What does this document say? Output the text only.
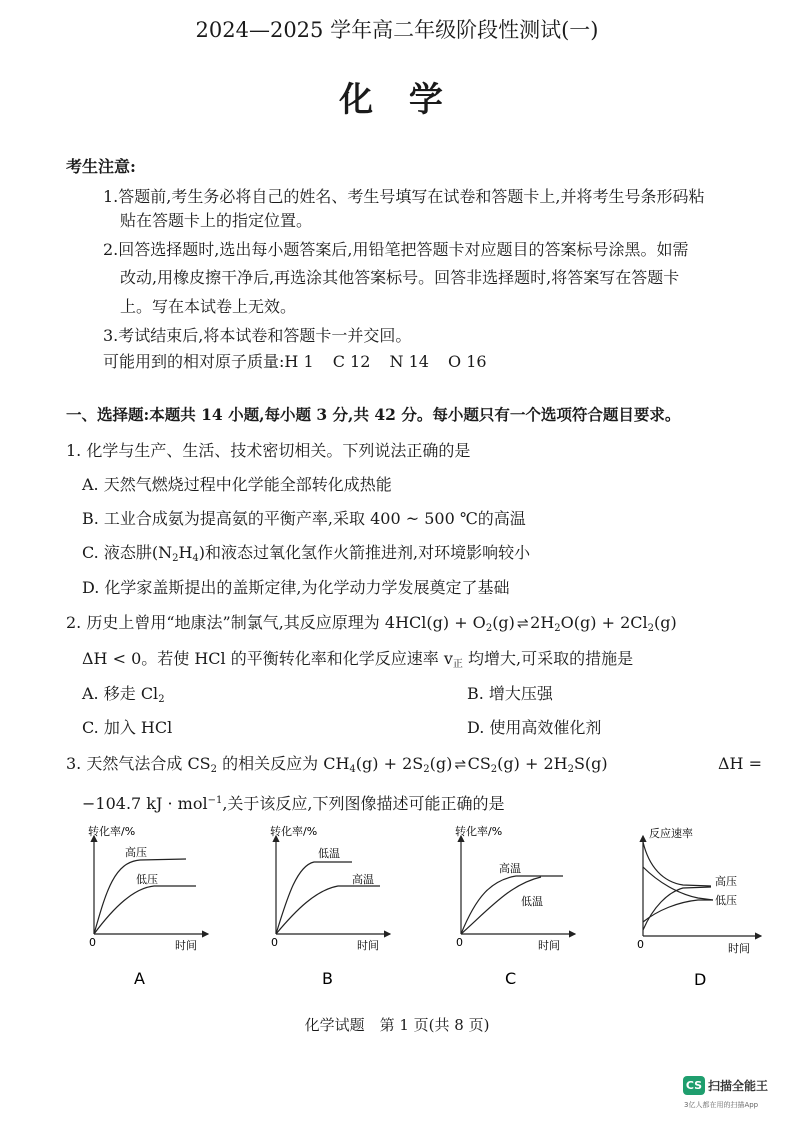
2024—2025 学年高二年级阶段性测试(一)
化 学
考生注意:
1.答题前,考生务必将自己的姓名、考生号填写在试卷和答题卡上,并将考生号条形码粘
贴在答题卡上的指定位置。
2.回答选择题时,选出每小题答案后,用铅笔把答题卡对应题目的答案标号涂黑。如需
改动,用橡皮擦干净后,再选涂其他答案标号。回答非选择题时,将答案写在答题卡
上。写在本试卷上无效。
3.考试结束后,将本试卷和答题卡一并交回。
可能用到的相对原子质量:H 1 C 12 N 14 O 16
一、选择题:本题共 14 小题,每小题 3 分,共 42 分。每小题只有一个选项符合题目要求。
1. 化学与生产、生活、技术密切相关。下列说法正确的是
A. 天然气燃烧过程中化学能全部转化成热能
B. 工业合成氨为提高氨的平衡产率,采取 400 ~ 500 ℃的高温
C. 液态肼$(N_2H_4)$和液态过氧化氢作火箭推进剂,对环境影响较小
D. 化学家盖斯提出的盖斯定律,为化学动力学发展奠定了基础
2. 历史上曾用“地康法”制氯气,其反应原理为 $4HCl(g) + O_2(g)$ ⇌ $2H_2O(g) + 2Cl_2(g)$
ΔH < 0。若使 HCl 的平衡转化率和化学反应速率 $v_正$ 均增大,可采取的措施是
A. 移走 $Cl_2$	B. 增大压强
C. 加入 HCl	D. 使用高效催化剂
3. 天然气法合成 $CS_2$ 的相关反应为 $CH_4(g) + 2S_2(g)$ ⇌ $CS_2(g) + 2H_2S(g)$	ΔH =
−104.7 kJ · mol$^{-1}$,关于该反应,下列图像描述可能正确的是
转化率/%
高压
低压
0	时间
A
转化率/%
低温
高温
0	时间
B
转化率/%
高温
低温
0	时间
C
反应速率
高压
低压
0	时间
D
化学试题　第 1 页(共 8 页)
CS 扫描全能王
3亿人都在用的扫描App
